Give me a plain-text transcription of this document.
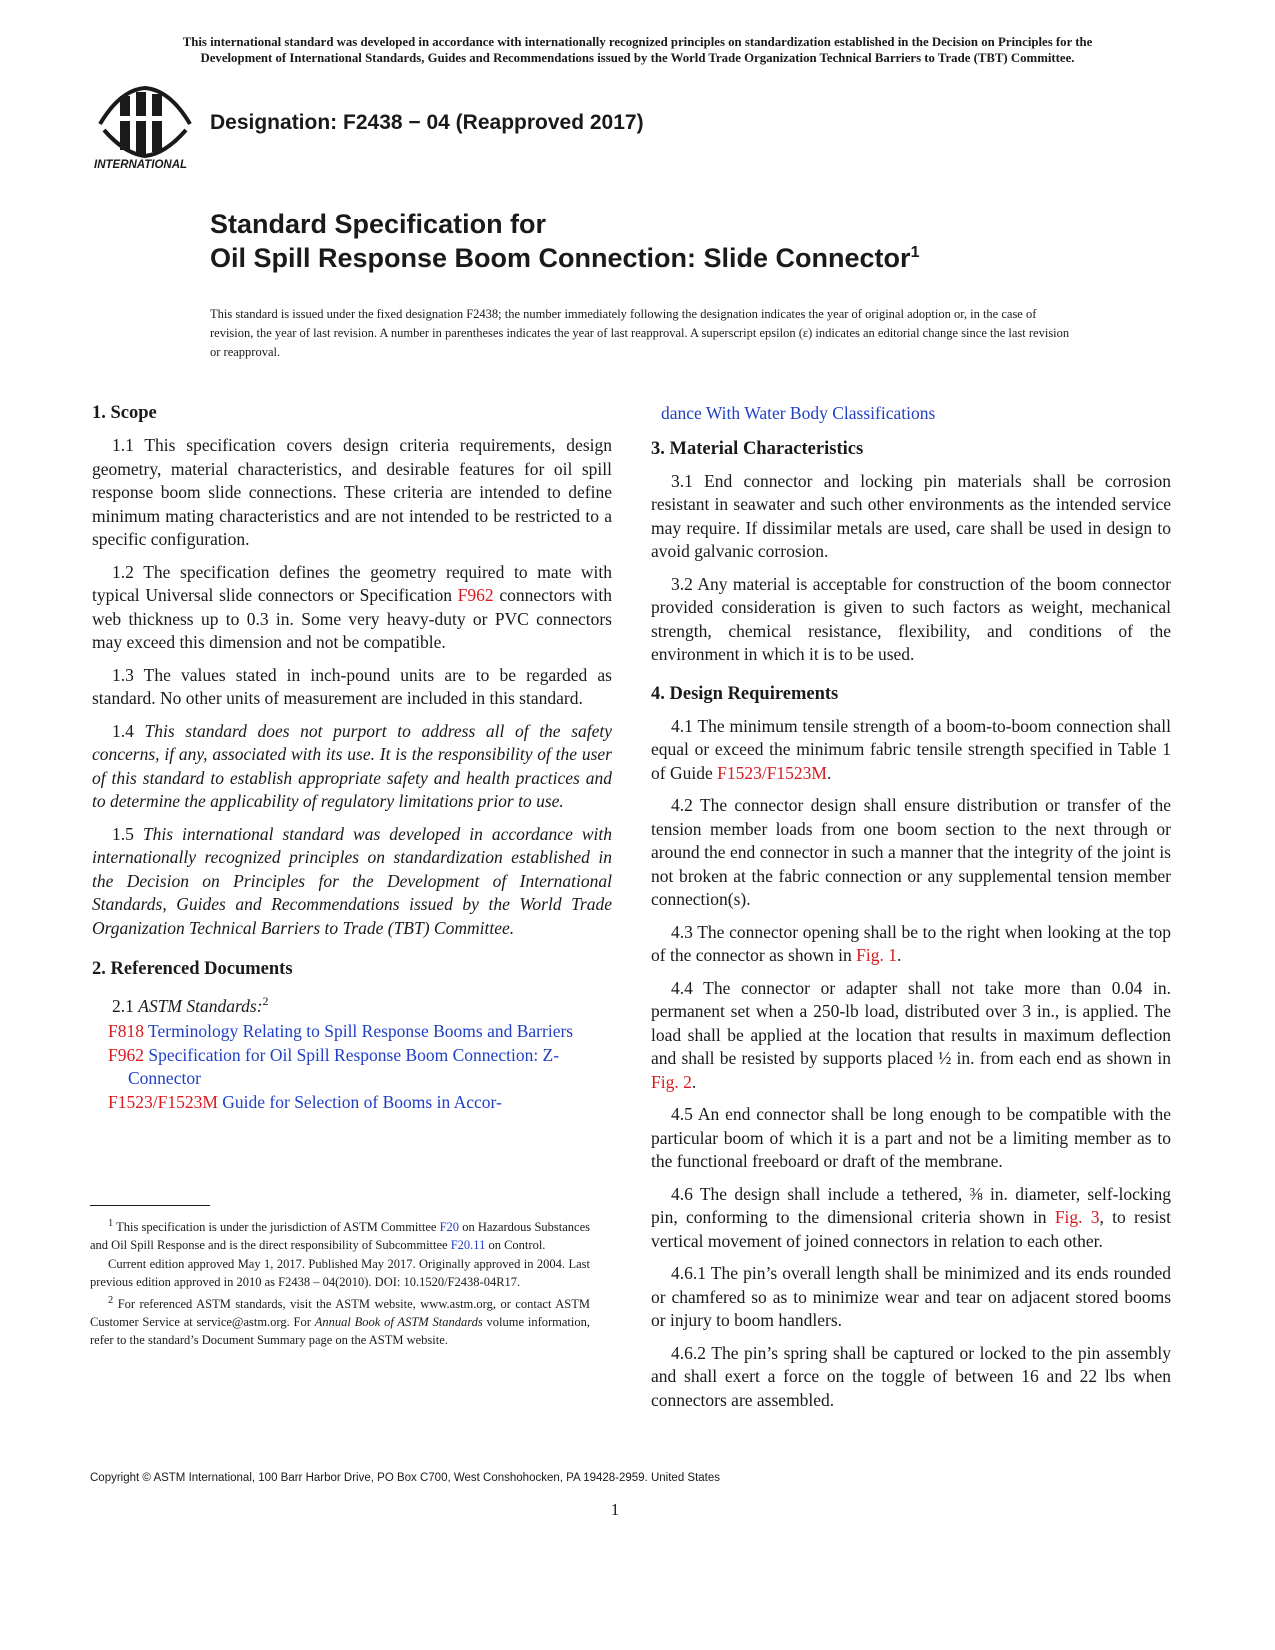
This international standard was developed in accordance with internationally recognized principles on standardization established in the Decision on Principles for the
Development of International Standards, Guides and Recommendations issued by the World Trade Organization Technical Barriers to Trade (TBT) Committee.
INTERNATIONAL
Designation: F2438 − 04 (Reapproved 2017)
Standard Specification for
Oil Spill Response Boom Connection: Slide Connector$^1$
This standard is issued under the fixed designation F2438; the number immediately following the designation indicates the year of original adoption or, in the case of revision, the year of last revision. A number in parentheses indicates the year of last reapproval. A superscript epsilon (ε) indicates an editorial change since the last revision or reapproval.
1. Scope

1.1 This specification covers design criteria requirements, design geometry, material characteristics, and desirable features for oil spill response boom slide connections. These criteria are intended to define minimum mating characteristics and are not intended to be restricted to a specific configuration.

1.2 The specification defines the geometry required to mate with typical Universal slide connectors or Specification F962 connectors with web thickness up to 0.3 in. Some very heavy-duty or PVC connectors may exceed this dimension and not be compatible.

1.3 The values stated in inch-pound units are to be regarded as standard. No other units of measurement are included in this standard.

1.4 This standard does not purport to address all of the safety concerns, if any, associated with its use. It is the responsibility of the user of this standard to establish appropriate safety and health practices and to determine the applicability of regulatory limitations prior to use.

1.5 This international standard was developed in accordance with internationally recognized principles on standardization established in the Decision on Principles for the Development of International Standards, Guides and Recommendations issued by the World Trade Organization Technical Barriers to Trade (TBT) Committee.

2. Referenced Documents

2.1 ASTM Standards:$^2$

F818 Terminology Relating to Spill Response Booms and Barriers
F962 Specification for Oil Spill Response Boom Connection: Z-Connector
F1523/F1523M Guide for Selection of Booms in Accor-

$^1$ This specification is under the jurisdiction of ASTM Committee F20 on Hazardous Substances and Oil Spill Response and is the direct responsibility of Subcommittee F20.11 on Control.

Current edition approved May 1, 2017. Published May 2017. Originally approved in 2004. Last previous edition approved in 2010 as F2438 – 04(2010). DOI: 10.1520/F2438-04R17.

$^2$ For referenced ASTM standards, visit the ASTM website, www.astm.org, or contact ASTM Customer Service at service@astm.org. For Annual Book of ASTM Standards volume information, refer to the standard’s Document Summary page on the ASTM website.

dance With Water Body Classifications
3. Material Characteristics

3.1 End connector and locking pin materials shall be corrosion resistant in seawater and such other environments as the intended service may require. If dissimilar metals are used, care shall be used in design to avoid galvanic corrosion.

3.2 Any material is acceptable for construction of the boom connector provided consideration is given to such factors as weight, mechanical strength, chemical resistance, flexibility, and conditions of the environment in which it is to be used.

4. Design Requirements

4.1 The minimum tensile strength of a boom-to-boom connection shall equal or exceed the minimum fabric tensile strength specified in Table 1 of Guide F1523/F1523M.

4.2 The connector design shall ensure distribution or transfer of the tension member loads from one boom section to the next through or around the end connector in such a manner that the integrity of the joint is not broken at the fabric connection or any supplemental tension member connection(s).

4.3 The connector opening shall be to the right when looking at the top of the connector as shown in Fig. 1.

4.4 The connector or adapter shall not take more than 0.04 in. permanent set when a 250-lb load, distributed over 3 in., is applied. The load shall be applied at the location that results in maximum deflection and shall be resisted by supports placed ½ in. from each end as shown in Fig. 2.

4.5 An end connector shall be long enough to be compatible with the particular boom of which it is a part and not be a limiting member as to the functional freeboard or draft of the membrane.

4.6 The design shall include a tethered, ⅜ in. diameter, self-locking pin, conforming to the dimensional criteria shown in Fig. 3, to resist vertical movement of joined connectors in relation to each other.

4.6.1 The pin’s overall length shall be minimized and its ends rounded or chamfered so as to minimize wear and tear on adjacent stored booms or injury to boom handlers.

4.6.2 The pin’s spring shall be captured or locked to the pin assembly and shall exert a force on the toggle of between 16 and 22 lbs when connectors are assembled.

Copyright © ASTM International, 100 Barr Harbor Drive, PO Box C700, West Conshohocken, PA 19428-2959. United States
1
